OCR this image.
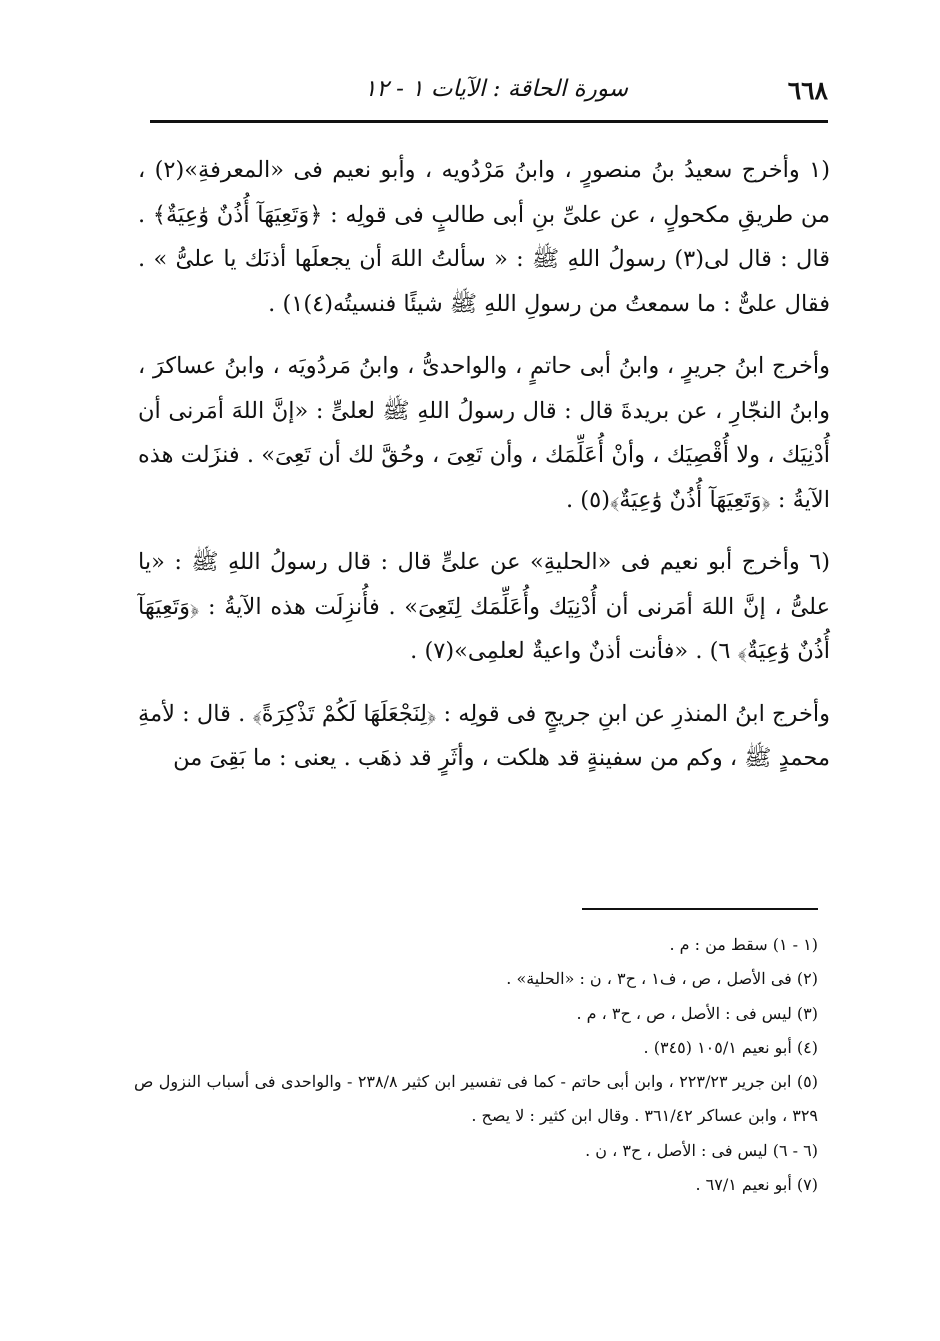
٦٦٨
سورة الحاقة : الآيات ١ - ١٢

(١ وأخرج سعيدُ بنُ منصورٍ ، وابنُ مَرْدُويه ، وأبو نعيم فى «المعرفةِ»(٢) ، من طريقِ مكحولٍ ، عن علىِّ بنِ أبى طالبٍ فى قولِه : ﴿وَتَعِيَهَآ أُذُنٌ وَٰعِيَةٌ﴾ . قال : قال لى(٣) رسولُ اللهِ ﷺ : « سألتُ اللهَ أن يجعلَها أذنَك يا علىُّ » . فقال علىٌّ : ما سمعتُ من رسولِ اللهِ ﷺ شيئًا فنسيتُه(٤)١) .

وأخرج ابنُ جريرٍ ، وابنُ أبى حاتمٍ ، والواحدىُّ ، وابنُ مَردُويَه ، وابنُ عساكرَ ، وابنُ النجّارِ ، عن بريدةَ قال : قال رسولُ اللهِ ﷺ لعلىٍّ : «إنَّ اللهَ أمَرنى أن أُدْنِيَك ، ولا أُقْصِيَك ، وأنْ أُعَلِّمَك ، وأن تَعِىَ ، وحُقَّ لك أن تَعِىَ» . فنزَلت هذه الآيةُ : ﴿وَتَعِيَهَآ أُذُنٌ وَٰعِيَةٌ﴾(٥) .

(٦ وأخرج أبو نعيم فى «الحليةِ» عن علىٍّ قال : قال رسولُ اللهِ ﷺ : «يا علىُّ ، إنَّ اللهَ أمَرنى أن أُدْنِيَك وأُعَلِّمَك لِتَعِىَ» . فأُنزِلَت هذه الآيةُ : ﴿وَتَعِيَهَآ أُذُنٌ وَٰعِيَةٌ﴾ ٦) . «فأنت أذنٌ واعيةٌ لعلمِى»(٧) .

وأخرج ابنُ المنذرِ عن ابنِ جريجٍ فى قولِه : ﴿لِنَجْعَلَهَا لَكُمْ تَذْكِرَةً﴾ . قال : لأمةِ محمدٍ ﷺ ، وكم من سفينةٍ قد هلكت ، وأثَرٍ قد ذهَب . يعنى : ما بَقِىَ من

(١ - ١) سقط من : م .

(٢) فى الأصل ، ص ، ف١ ، ح٣ ، ن : «الحلية» .

(٣) ليس فى : الأصل ، ص ، ح٣ ، م .

(٤) أبو نعيم ١٠٥/١ (٣٤٥) .

(٥) ابن جرير ٢٢٣/٢٣ ، وابن أبى حاتم - كما فى تفسير ابن كثير ٢٣٨/٨ - والواحدى فى أسباب النزول ص ٣٢٩ ، وابن عساكر ٣٦١/٤٢ . وقال ابن كثير : لا يصح .

(٦ - ٦) ليس فى : الأصل ، ح٣ ، ن .

(٧) أبو نعيم ٦٧/١ .
